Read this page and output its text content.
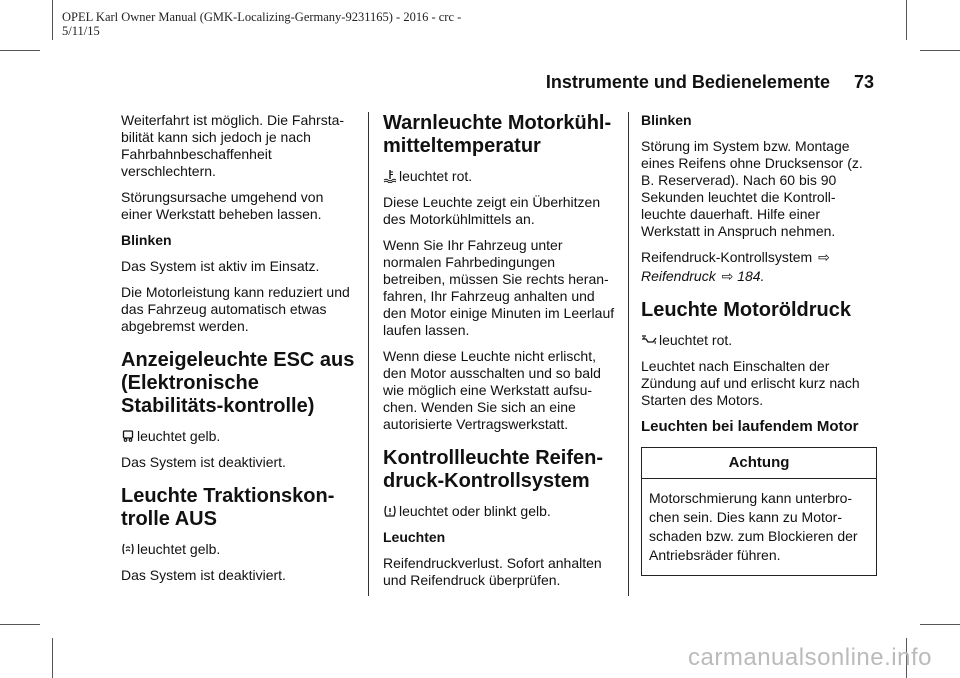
OPEL Karl Owner Manual (GMK-Localizing-Germany-9231165) - 2016 - crc -
5/11/15
Instrumente und Bedienelemente 73

Weiterfahrt ist möglich. Die Fahrsta-bilität kann sich jedoch je nach Fahrbahnbeschaffenheit verschlechtern.

Störungsursache umgehend von einer Werkstatt beheben lassen.

Blinken

Das System ist aktiv im Einsatz.

Die Motorleistung kann reduziert und das Fahrzeug automatisch etwas abgebremst werden.

Anzeigeleuchte ESC aus (Elektronische Stabilitäts-kontrolle)

leuchtet gelb.

Das System ist deaktiviert.

Leuchte Traktionskon-trolle AUS

leuchtet gelb.

Das System ist deaktiviert.

Warnleuchte Motorkühl-mitteltemperatur

leuchtet rot.

Diese Leuchte zeigt ein Überhitzen des Motorkühlmittels an.

Wenn Sie Ihr Fahrzeug unter normalen Fahrbedingungen betreiben, müssen Sie rechts heran-fahren, Ihr Fahrzeug anhalten und den Motor einige Minuten im Leerlauf laufen lassen.

Wenn diese Leuchte nicht erlischt, den Motor ausschalten und so bald wie möglich eine Werkstatt aufsu-chen. Wenden Sie sich an eine autorisierte Vertragswerkstatt.

Kontrollleuchte Reifen-druck-Kontrollsystem

leuchtet oder blinkt gelb.

Leuchten

Reifendruckverlust. Sofort anhalten und Reifendruck überprüfen.

Blinken

Störung im System bzw. Montage eines Reifens ohne Drucksensor (z. B. Reserverad). Nach 60 bis 90 Sekunden leuchtet die Kontroll-leuchte dauerhaft. Hilfe einer Werkstatt in Anspruch nehmen.

Reifendruck-Kontrollsystem ⇨

Reifendruck ⇨ 184.

Leuchte Motoröldruck

leuchtet rot.

Leuchtet nach Einschalten der Zündung auf und erlischt kurz nach Starten des Motors.

Leuchten bei laufendem Motor
Achtung
Motorschmierung kann unterbro-chen sein. Dies kann zu Motor-schaden bzw. zum Blockieren der Antriebsräder führen.
carmanualsonline.info
